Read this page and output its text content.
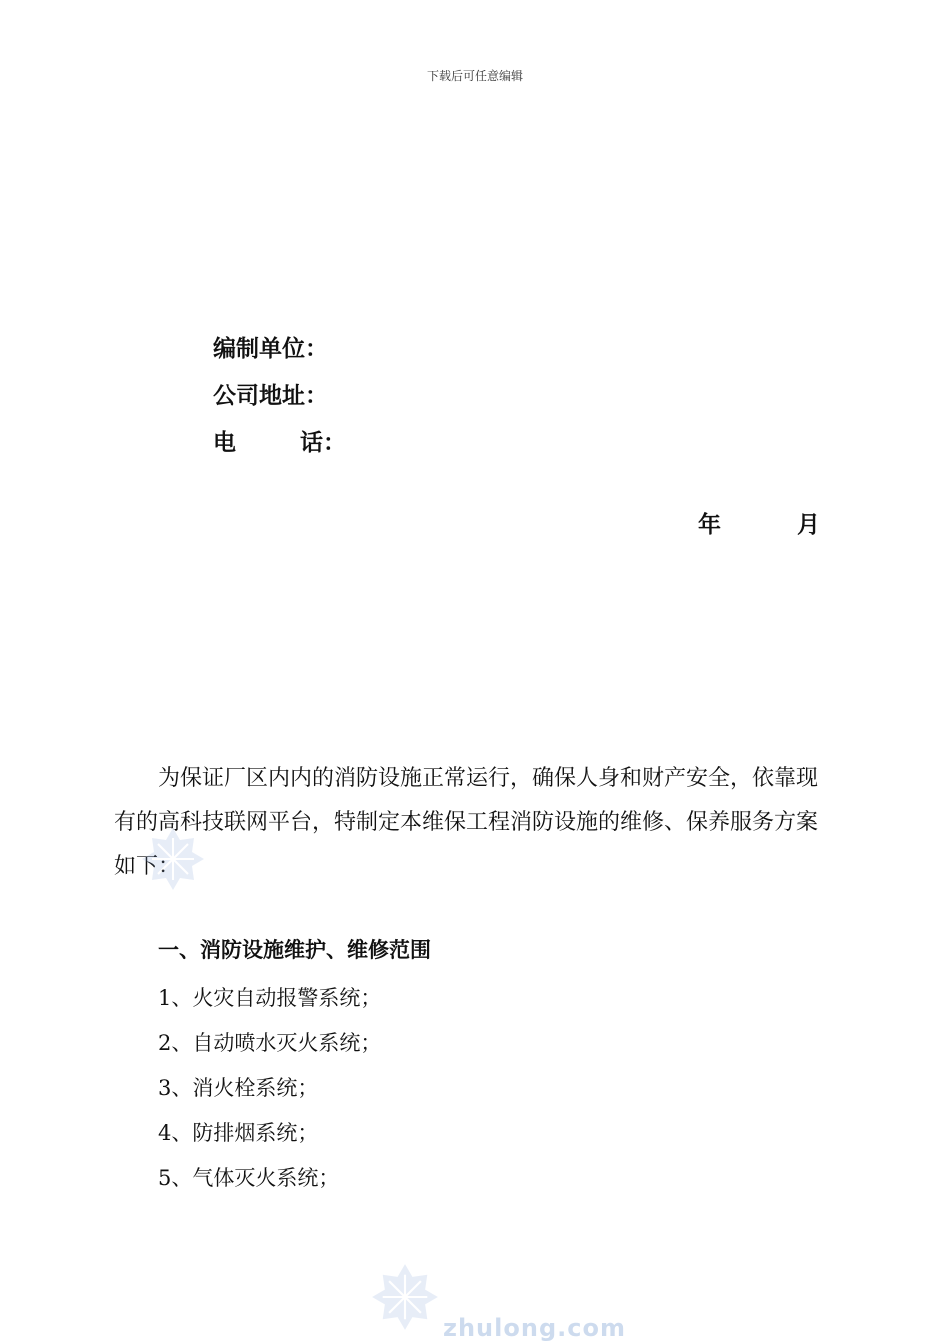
下载后可任意编辑
编制单位：
公司地址：
电        话：
年	月

为保证厂区内内的消防设施正常运行，确保人身和财产安全，依靠现有的高科技联网平台，特制定本维保工程消防设施的维修、保养服务方案如下：

一、消防设施维护、维修范围
1、火灾自动报警系统；
2、自动喷水灭火系统；
3、消火栓系统；
4、防排烟系统；
5、气体灭火系统；
zhulong.com
